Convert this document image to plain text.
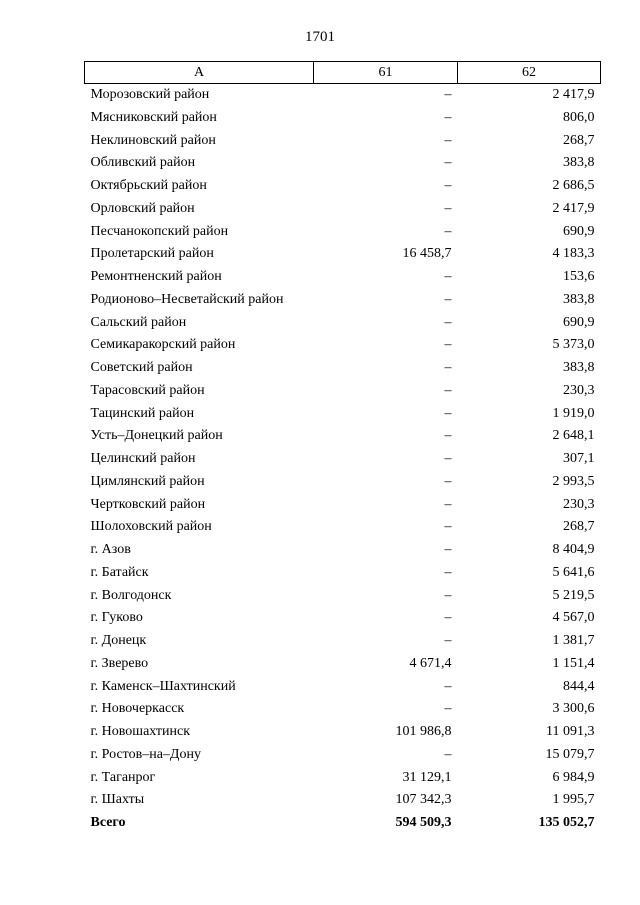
1701
А	61	62
Морозовский район	–	2 417,9
Мясниковский район	–	806,0
Неклиновский район	–	268,7
Обливский район	–	383,8
Октябрьский район	–	2 686,5
Орловский район	–	2 417,9
Песчанокопский район	–	690,9
Пролетарский район	16 458,7	4 183,3
Ремонтненский район	–	153,6
Родионово–Несветайский район	–	383,8
Сальский район	–	690,9
Семикаракорский район	–	5 373,0
Советский район	–	383,8
Тарасовский район	–	230,3
Тацинский район	–	1 919,0
Усть–Донецкий район	–	2 648,1
Целинский район	–	307,1
Цимлянский район	–	2 993,5
Чертковский район	–	230,3
Шолоховский район	–	268,7
г. Азов	–	8 404,9
г. Батайск	–	5 641,6
г. Волгодонск	–	5 219,5
г. Гуково	–	4 567,0
г. Донецк	–	1 381,7
г. Зверево	4 671,4	1 151,4
г. Каменск–Шахтинский	–	844,4
г. Новочеркасск	–	3 300,6
г. Новошахтинск	101 986,8	11 091,3
г. Ростов–на–Дону	–	15 079,7
г. Таганрог	31 129,1	6 984,9
г. Шахты	107 342,3	1 995,7
Всего	594 509,3	135 052,7
